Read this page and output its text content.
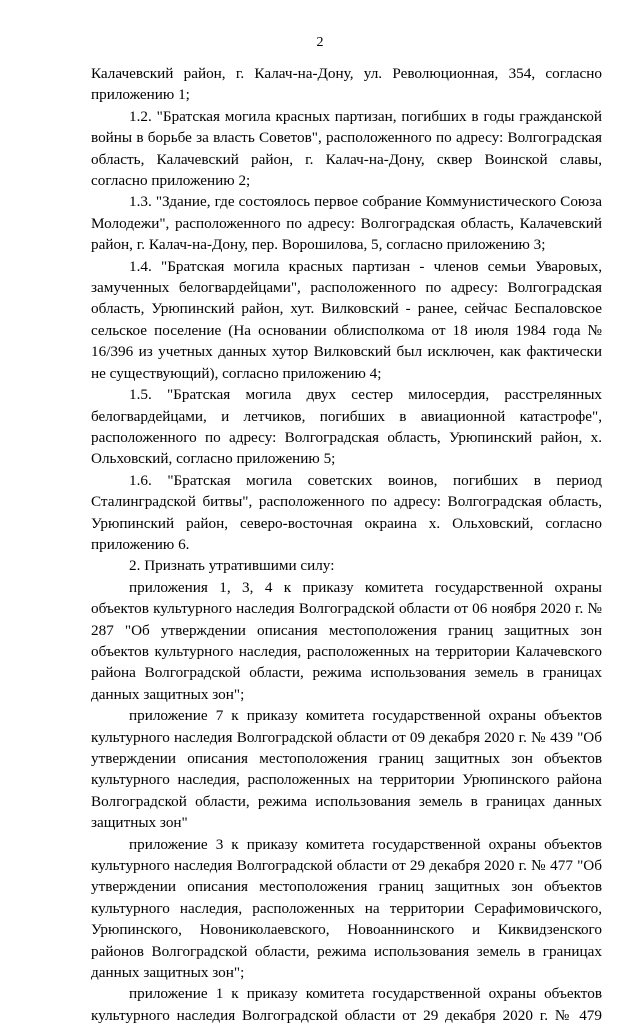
2

Калачевский район, г. Калач-на-Дону, ул. Революционная, 354, согласно приложению 1;

1.2. "Братская могила красных партизан, погибших в годы гражданской войны в борьбе за власть Советов", расположенного по адресу: Волгоградская область, Калачевский район, г. Калач-на-Дону, сквер Воинской славы, согласно приложению 2;

1.3. "Здание, где состоялось первое собрание Коммунистического Союза Молодежи", расположенного по адресу: Волгоградская область, Калачевский район, г. Калач-на-Дону, пер. Ворошилова, 5, согласно приложению 3;

1.4. "Братская могила красных партизан - членов семьи Уваровых, замученных белогвардейцами", расположенного по адресу: Волгоградская область, Урюпинский район, хут. Вилковский - ранее, сейчас Беспаловское сельское поселение (На основании облисполкома от 18 июля 1984 года № 16/396 из учетных данных хутор Вилковский был исключен, как фактически не существующий), согласно приложению 4;

1.5. "Братская могила двух сестер милосердия, расстрелянных белогвардейцами, и летчиков, погибших в авиационной катастрофе", расположенного по адресу: Волгоградская область, Урюпинский район, х. Ольховский, согласно приложению 5;

1.6. "Братская могила советских воинов, погибших в период Сталинградской битвы", расположенного по адресу: Волгоградская область, Урюпинский район, северо-восточная окраина х. Ольховский, согласно приложению 6.

2. Признать утратившими силу:

приложения 1, 3, 4 к приказу комитета государственной охраны объектов культурного наследия Волгоградской области от 06 ноября 2020 г. № 287 "Об утверждении описания местоположения границ защитных зон объектов культурного наследия, расположенных на территории Калачевского района Волгоградской области, режима использования земель в границах данных защитных зон";

приложение 7 к приказу комитета государственной охраны объектов культурного наследия Волгоградской области от 09 декабря 2020 г. № 439 "Об утверждении описания местоположения границ защитных зон объектов культурного наследия, расположенных на территории Урюпинского района Волгоградской области, режима использования земель в границах данных защитных зон"

приложение 3 к приказу комитета государственной охраны объектов культурного наследия Волгоградской области от 29 декабря 2020 г. № 477 "Об утверждении описания местоположения границ защитных зон объектов культурного наследия, расположенных на территории Серафимовичского, Урюпинского, Новониколаевского, Новоаннинского и Киквидзенского районов Волгоградской области, режима использования земель в границах данных защитных зон";

приложение 1 к приказу комитета государственной охраны объектов культурного наследия Волгоградской области от 29 декабря 2020 г. № 479
